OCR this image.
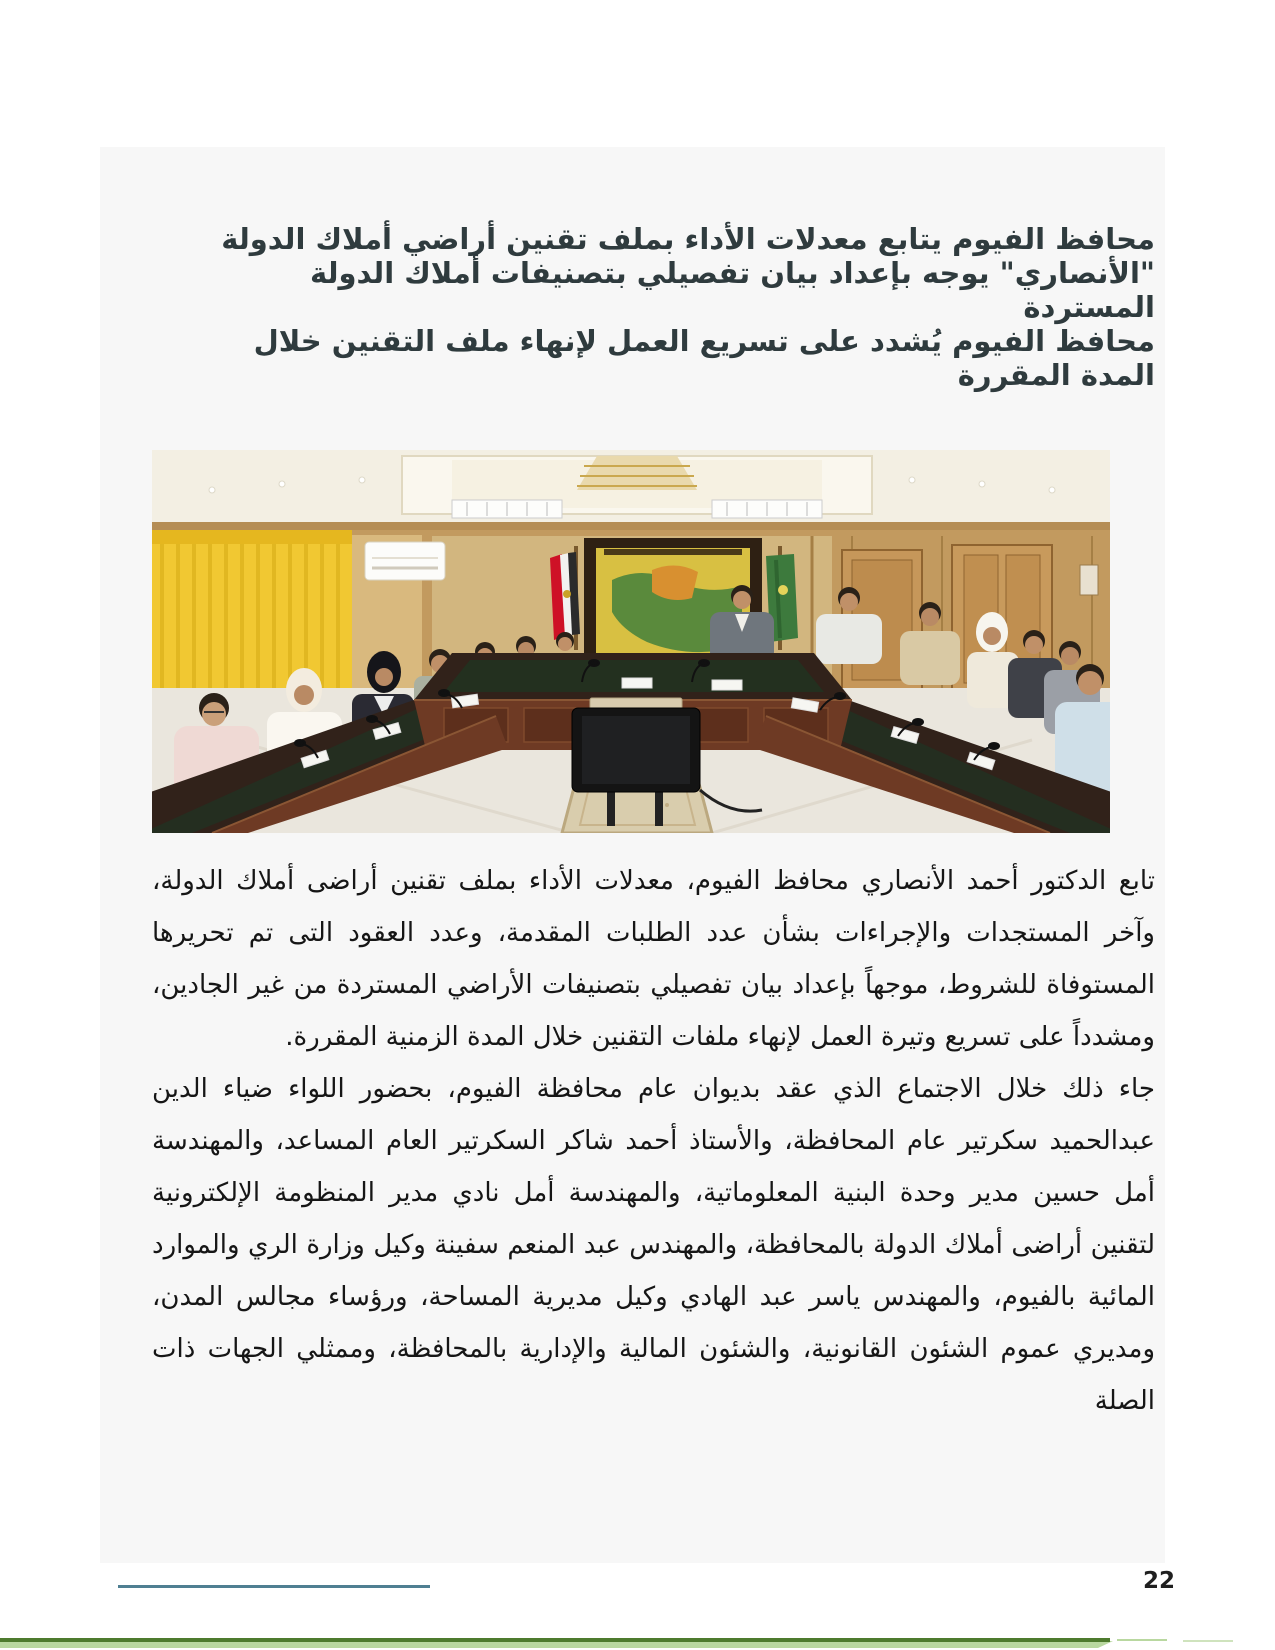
محافظ الفيوم يتابع معدلات الأداء بملف تقنين أراضي أملاك الدولة
"الأنصاري" يوجه بإعداد بيان تفصيلي بتصنيفات أملاك الدولة
المستردة
محافظ الفيوم يُشدد على تسريع العمل لإنهاء ملف التقنين خلال
المدة المقررة

تابع الدكتور أحمد الأنصاري محافظ الفيوم، معدلات الأداء بملف تقنين أراضى أملاك الدولة، وآخر المستجدات والإجراءات بشأن عدد الطلبات المقدمة، وعدد العقود التى تم تحريرها المستوفاة للشروط، موجهاً بإعداد بيان تفصيلي بتصنيفات الأراضي المستردة من غير الجادين، ومشدداً على تسريع وتيرة العمل لإنهاء ملفات التقنين خلال المدة الزمنية المقررة.

جاء ذلك خلال الاجتماع الذي عقد بديوان عام محافظة الفيوم، بحضور اللواء ضياء الدين عبدالحميد سكرتير عام المحافظة، والأستاذ أحمد شاكر السكرتير العام المساعد، والمهندسة أمل حسين مدير وحدة البنية المعلوماتية، والمهندسة أمل نادي مدير المنظومة الإلكترونية لتقنين أراضى أملاك الدولة بالمحافظة، والمهندس عبد المنعم سفينة وكيل وزارة الري والموارد المائية بالفيوم، والمهندس ياسر عبد الهادي وكيل مديرية المساحة، ورؤساء مجالس المدن، ومديري عموم الشئون القانونية، والشئون المالية والإدارية بالمحافظة، وممثلي الجهات ذات الصلة

22
